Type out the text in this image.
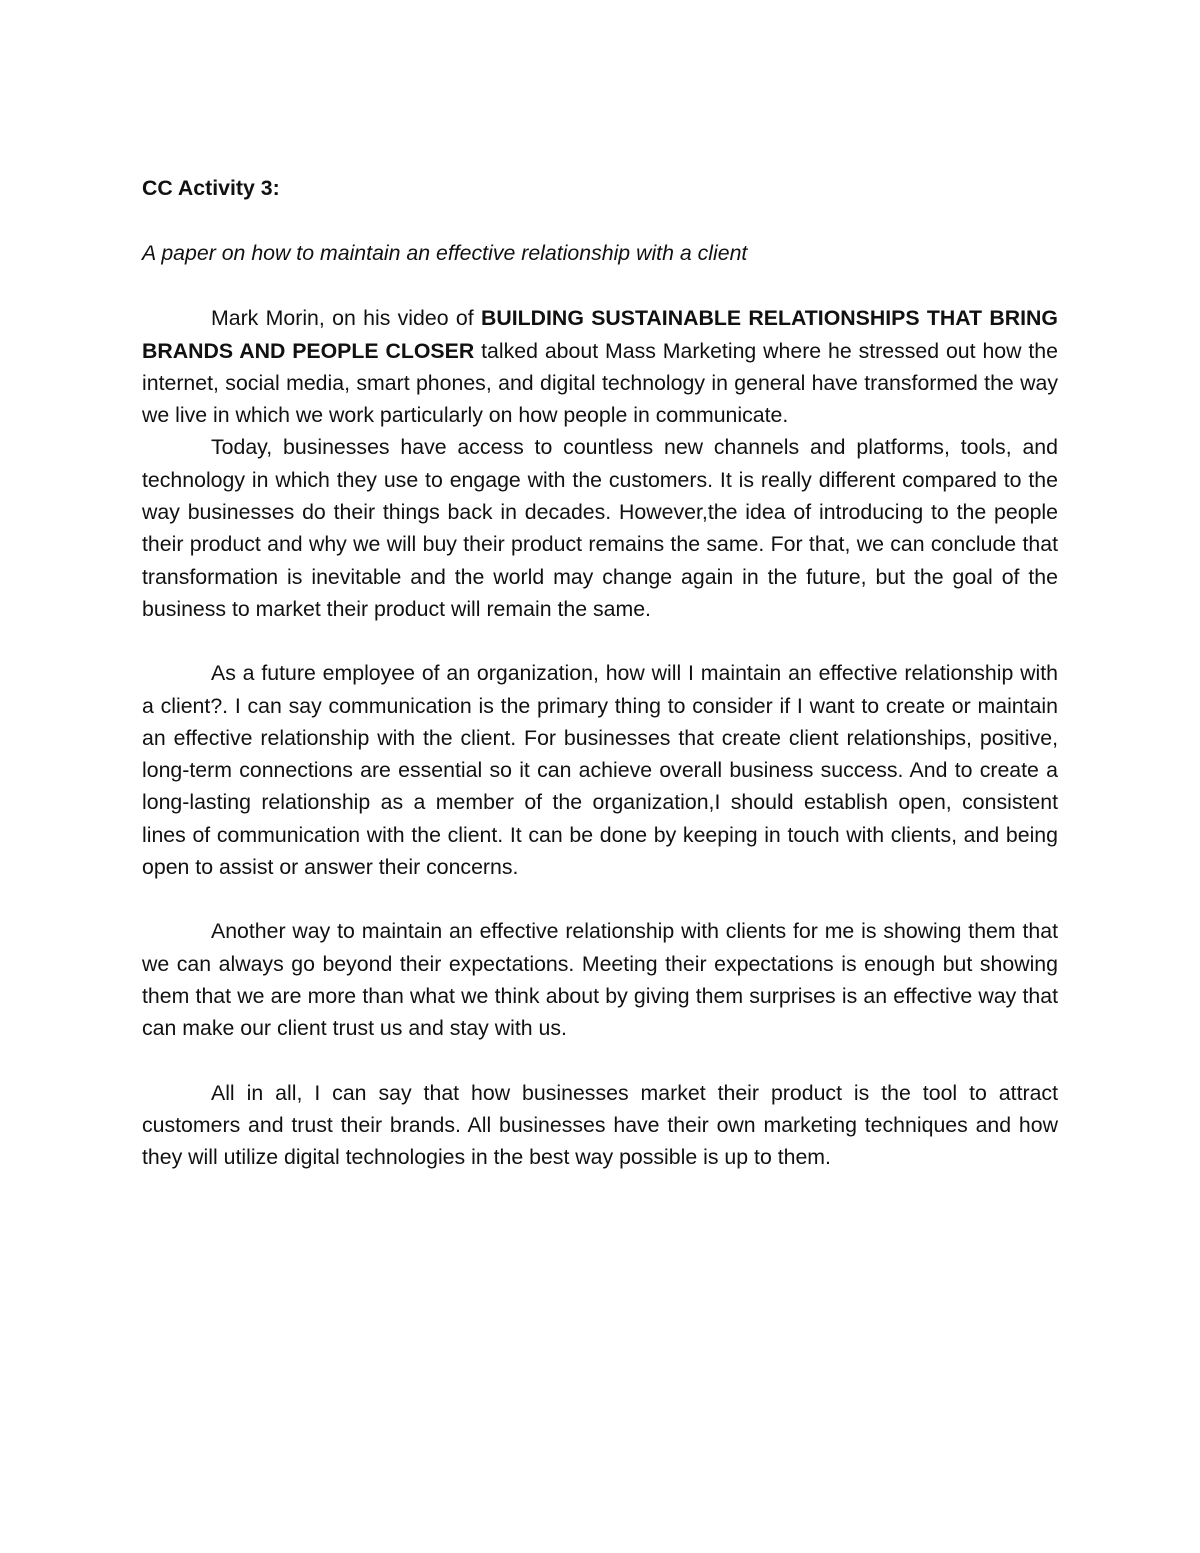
CC Activity 3:

A paper on how to maintain an effective relationship with a client

Mark Morin, on his video of BUILDING SUSTAINABLE RELATIONSHIPS THAT BRING BRANDS AND PEOPLE CLOSER talked about Mass Marketing where he stressed out how the internet, social media, smart phones, and digital technology in general have transformed the way we live in which we work particularly on how people in communicate.

Today, businesses have access to countless new channels and platforms, tools, and technology in which they use to engage with the customers. It is really different compared to the way businesses do their things back in decades. However,the idea of introducing to the people their product and why we will buy their product remains the same. For that, we can conclude that transformation is inevitable and the world may change again in the future, but the goal of the business to market their product will remain the same.

As a future employee of an organization, how will I maintain an effective relationship with a client?. I can say communication is the primary thing to consider if I want to create or maintain an effective relationship with the client. For businesses that create client relationships, positive, long-term connections are essential so it can achieve overall business success. And to create a long-lasting relationship as a member of the organization,I should establish open, consistent lines of communication with the client. It can be done by keeping in touch with clients, and being open to assist or answer their concerns.

Another way to maintain an effective relationship with clients for me is showing them that we can always go beyond their expectations. Meeting their expectations is enough but showing them that we are more than what we think about by giving them surprises is an effective way that can make our client trust us and stay with us.

All in all, I can say that how businesses market their product is the tool to attract customers and trust their brands. All businesses have their own marketing techniques and how they will utilize digital technologies in the best way possible is up to them.
